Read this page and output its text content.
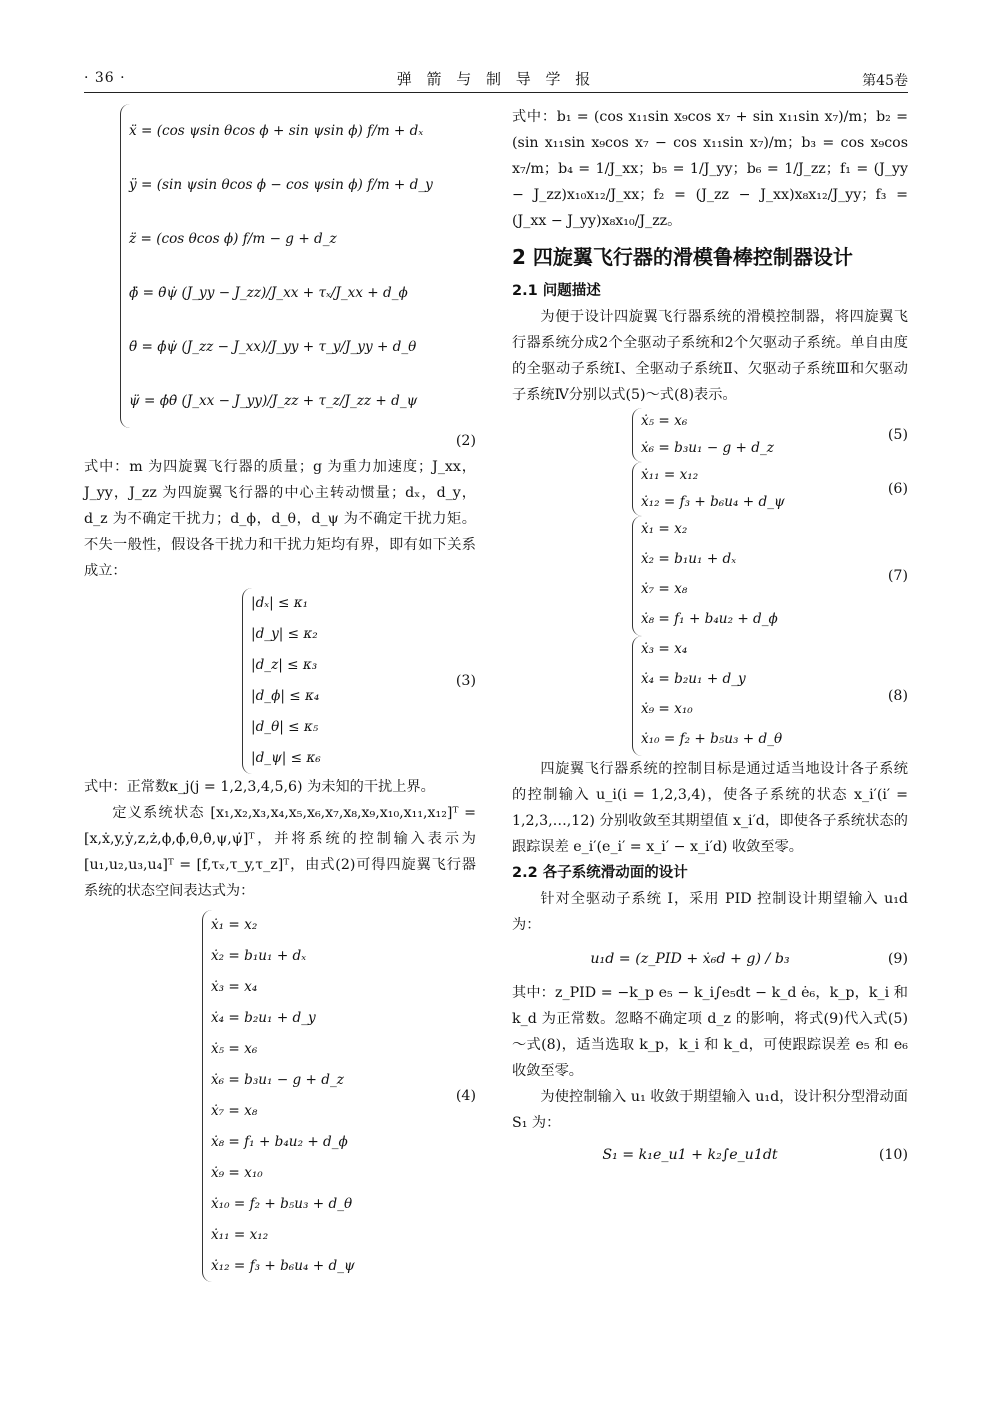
· 36 ·	弹 箭 与 制 导 学 报	第45卷
ẍ = (cos ψsin θcos ϕ + sin ψsin ϕ) f/m + dₓ
ÿ = (sin ψsin θcos ϕ − cos ψsin ϕ) f/m + d_y
z̈ = (cos θcos ϕ) f/m − g + d_z
ϕ̈ = θ̇ψ̇ (J_yy − J_zz)/J_xx + τₓ/J_xx + d_ϕ
θ̈ = ϕ̇ψ̇ (J_zz − J_xx)/J_yy + τ_y/J_yy + d_θ
ψ̈ = ϕ̇θ̇ (J_xx − J_yy)/J_zz + τ_z/J_zz + d_ψ
(2)

式中：m 为四旋翼飞行器的质量；g 为重力加速度；J_xx，J_yy，J_zz 为四旋翼飞行器的中心主转动惯量；dₓ，d_y，d_z 为不确定干扰力；d_ϕ，d_θ，d_ψ 为不确定干扰力矩。不失一般性，假设各干扰力和干扰力矩均有界，即有如下关系成立：

|dₓ| ≤ κ₁
|d_y| ≤ κ₂
|d_z| ≤ κ₃
|d_ϕ| ≤ κ₄
|d_θ| ≤ κ₅
|d_ψ| ≤ κ₆
(3)

式中：正常数κ_j(j = 1,2,3,4,5,6) 为未知的干扰上界。

定义系统状态 [x₁,x₂,x₃,x₄,x₅,x₆,x₇,x₈,x₉,x₁₀,x₁₁,x₁₂]ᵀ = [x,ẋ,y,ẏ,z,ż,ϕ,ϕ̇,θ,θ̇,ψ,ψ̇]ᵀ，并将系统的控制输入表示为 [u₁,u₂,u₃,u₄]ᵀ = [f,τₓ,τ_y,τ_z]ᵀ，由式(2)可得四旋翼飞行器系统的状态空间表达式为：

ẋ₁ = x₂
ẋ₂ = b₁u₁ + dₓ
ẋ₃ = x₄
ẋ₄ = b₂u₁ + d_y
ẋ₅ = x₆
ẋ₆ = b₃u₁ − g + d_z
ẋ₇ = x₈
ẋ₈ = f₁ + b₄u₂ + d_ϕ
ẋ₉ = x₁₀
ẋ₁₀ = f₂ + b₅u₃ + d_θ
ẋ₁₁ = x₁₂
ẋ₁₂ = f₃ + b₆u₄ + d_ψ
(4)

式中：b₁ = (cos x₁₁sin x₉cos x₇ + sin x₁₁sin x₇)/m；b₂ = (sin x₁₁sin x₉cos x₇ − cos x₁₁sin x₇)/m；b₃ = cos x₉cos x₇/m；b₄ = 1/J_xx；b₅ = 1/J_yy；b₆ = 1/J_zz；f₁ = (J_yy − J_zz)x₁₀x₁₂/J_xx；f₂ = (J_zz − J_xx)x₈x₁₂/J_yy；f₃ = (J_xx − J_yy)x₈x₁₀/J_zz。

2 四旋翼飞行器的滑模鲁棒控制器设计
2.1 问题描述

为便于设计四旋翼飞行器系统的滑模控制器，将四旋翼飞行器系统分成2个全驱动子系统和2个欠驱动子系统。单自由度的全驱动子系统Ⅰ、全驱动子系统Ⅱ、欠驱动子系统Ⅲ和欠驱动子系统Ⅳ分别以式(5)～式(8)表示。

ẋ₅ = x₆
ẋ₆ = b₃u₁ − g + d_z
(5)
ẋ₁₁ = x₁₂
ẋ₁₂ = f₃ + b₆u₄ + d_ψ
(6)
ẋ₁ = x₂
ẋ₂ = b₁u₁ + dₓ
ẋ₇ = x₈
ẋ₈ = f₁ + b₄u₂ + d_ϕ
(7)
ẋ₃ = x₄
ẋ₄ = b₂u₁ + d_y
ẋ₉ = x₁₀
ẋ₁₀ = f₂ + b₅u₃ + d_θ
(8)

四旋翼飞行器系统的控制目标是通过适当地设计各子系统的控制输入 u_i(i = 1,2,3,4)，使各子系统的状态 x_i′(i′ = 1,2,3,…,12) 分别收敛至其期望值 x_i′d，即使各子系统状态的跟踪误差 e_i′(e_i′ = x_i′ − x_i′d) 收敛至零。

2.2 各子系统滑动面的设计

针对全驱动子系统 Ⅰ，采用 PID 控制设计期望输入 u₁d 为：

u₁d = (z_PID + ẋ₆d + g) / b₃	(9)

其中：z_PID = −k_p e₅ − k_i∫e₅dt − k_d ė₆，k_p，k_i 和 k_d 为正常数。忽略不确定项 d_z 的影响，将式(9)代入式(5)～式(8)，适当选取 k_p，k_i 和 k_d，可使跟踪误差 e₅ 和 e₆ 收敛至零。

为使控制输入 u₁ 收敛于期望输入 u₁d，设计积分型滑动面 S₁ 为：

S₁ = k₁e_u1 + k₂∫e_u1dt	(10)
